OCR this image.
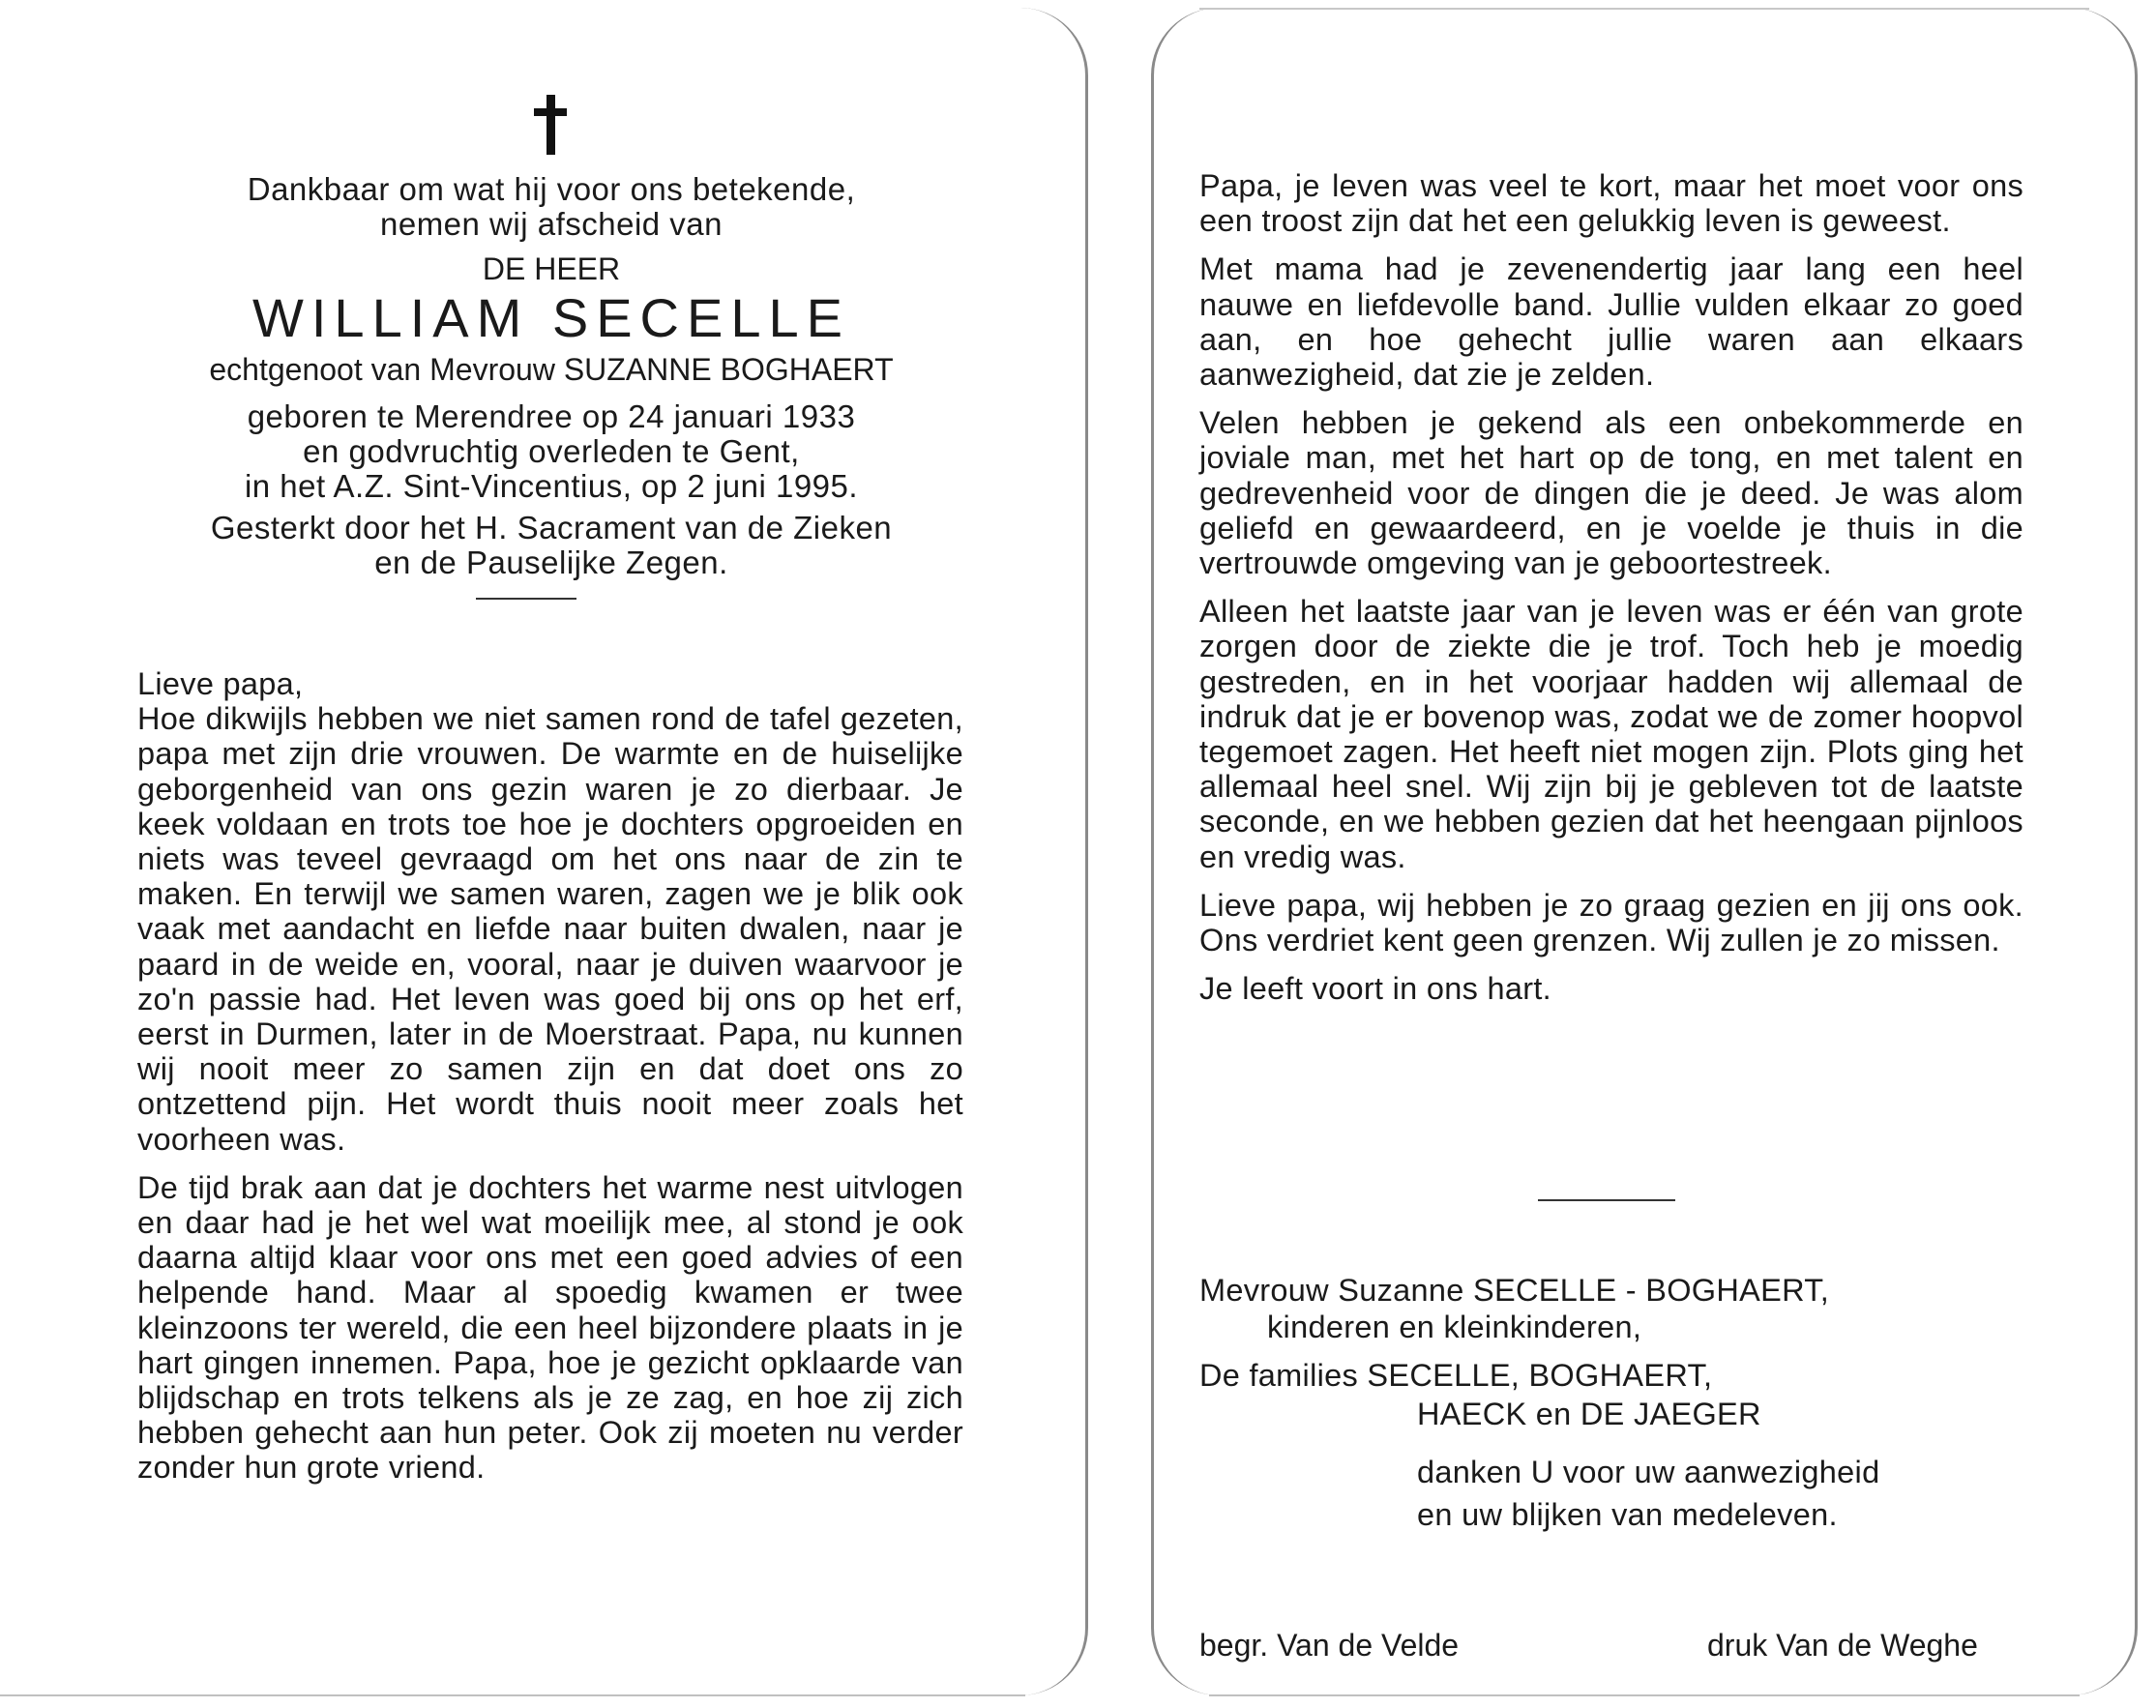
Dankbaar om wat hij voor ons betekende,
nemen wij afscheid van
DE HEER
WILLIAM SECELLE
echtgenoot van Mevrouw SUZANNE BOGHAERT
geboren te Merendree op 24 januari 1933
en godvruchtig overleden te Gent,
in het A.Z. Sint-Vincentius, op 2 juni 1995.
Gesterkt door het H. Sacrament van de Zieken
en de Pauselijke Zegen.

Lieve papa,
Hoe dikwijls hebben we niet samen rond de tafel gezeten, papa met zijn drie vrouwen. De warmte en de huiselijke geborgenheid van ons gezin waren je zo dierbaar. Je keek voldaan en trots toe hoe je dochters opgroeiden en niets was teveel gevraagd om het ons naar de zin te maken. En terwijl we samen waren, zagen we je blik ook vaak met aandacht en liefde naar buiten dwalen, naar je paard in de weide en, vooral, naar je duiven waarvoor je zo'n passie had. Het leven was goed bij ons op het erf, eerst in Durmen, later in de Moerstraat. Papa, nu kunnen wij nooit meer zo samen zijn en dat doet ons zo ontzettend pijn. Het wordt thuis nooit meer zoals het voorheen was.

De tijd brak aan dat je dochters het warme nest uitvlogen en daar had je het wel wat moeilijk mee, al stond je ook daarna altijd klaar voor ons met een goed advies of een helpende hand. Maar al spoedig kwamen er twee kleinzoons ter wereld, die een heel bijzondere plaats in je hart gingen innemen. Papa, hoe je gezicht opklaarde van blijdschap en trots telkens als je ze zag, en hoe zij zich hebben gehecht aan hun peter. Ook zij moeten nu verder zonder hun grote vriend.

Papa, je leven was veel te kort, maar het moet voor ons een troost zijn dat het een gelukkig leven is geweest.

Met mama had je zevenendertig jaar lang een heel nauwe en liefdevolle band. Jullie vulden elkaar zo goed aan, en hoe gehecht jullie waren aan elkaars aanwezigheid, dat zie je zelden.

Velen hebben je gekend als een onbekommerde en joviale man, met het hart op de tong, en met talent en gedrevenheid voor de dingen die je deed. Je was alom geliefd en gewaardeerd, en je voelde je thuis in die vertrouwde omgeving van je geboortestreek.

Alleen het laatste jaar van je leven was er één van grote zorgen door de ziekte die je trof. Toch heb je moedig gestreden, en in het voorjaar hadden wij allemaal de indruk dat je er bovenop was, zodat we de zomer hoopvol tegemoet zagen. Het heeft niet mogen zijn. Plots ging het allemaal heel snel. Wij zijn bij je gebleven tot de laatste seconde, en we hebben gezien dat het heengaan pijnloos en vredig was.

Lieve papa, wij hebben je zo graag gezien en jij ons ook. Ons verdriet kent geen grenzen. Wij zullen je zo missen.

Je leeft voort in ons hart.

Mevrouw Suzanne SECELLE - BOGHAERT,
kinderen en kleinkinderen,
De families SECELLE, BOGHAERT,
HAECK en DE JAEGER
danken U voor uw aanwezigheid
en uw blijken van medeleven.
begr. Van de Velde	druk Van de Weghe
